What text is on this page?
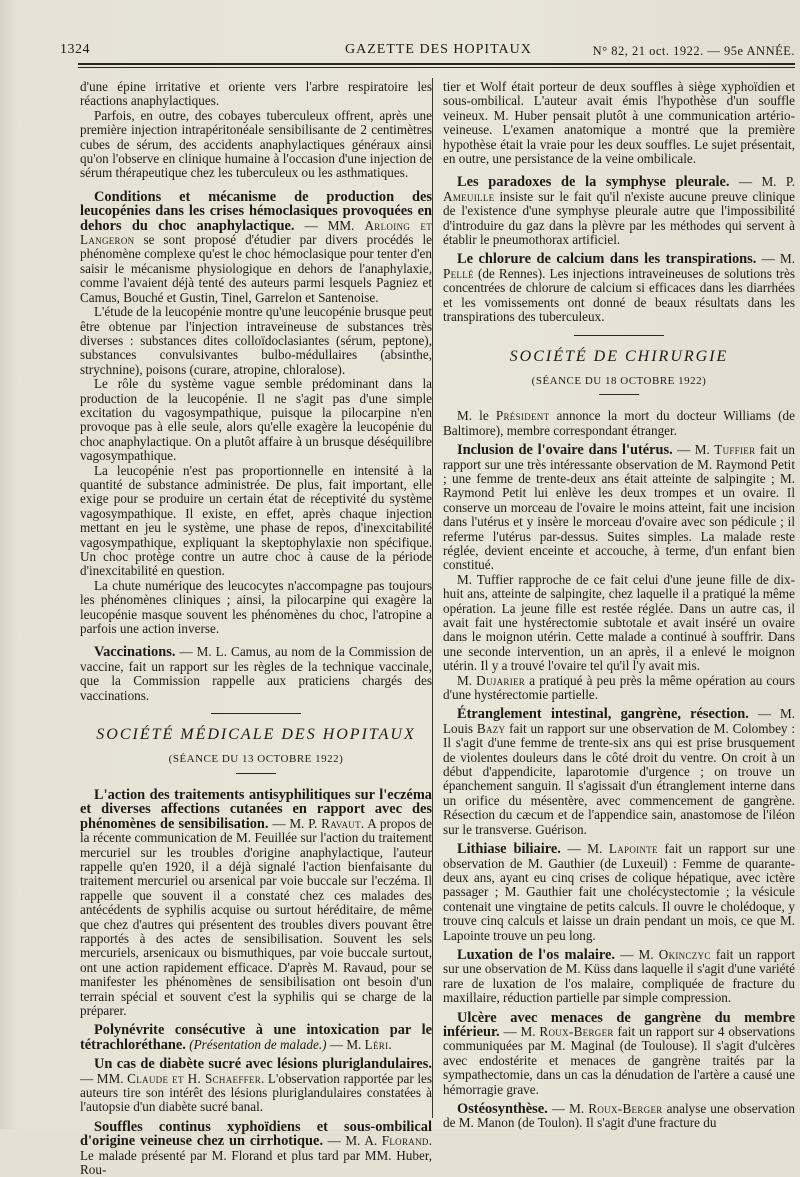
1324	GAZETTE DES HOPITAUX	N° 82, 21 oct. 1922. — 95e ANNÉE.

d'une épine irritative et oriente vers l'arbre respiratoire les réactions anaphylactiques.

Parfois, en outre, des cobayes tuberculeux offrent, après une première injection intrapéritonéale sensibilisante de 2 centimètres cubes de sérum, des accidents anaphylactiques généraux ainsi qu'on l'observe en clinique humaine à l'occasion d'une injection de sérum thérapeutique chez les tuberculeux ou les asthmatiques.

Conditions et mécanisme de production des leucopénies dans les crises hémoclasiques provoquées en dehors du choc anaphylactique. — MM. Arloing et Langeron se sont proposé d'étudier par divers procédés le phénomène complexe qu'est le choc hémoclasique pour tenter d'en saisir le mécanisme physiologique en dehors de l'anaphylaxie, comme l'avaient déjà tenté des auteurs parmi lesquels Pagniez et Camus, Bouché et Gustin, Tinel, Garrelon et Santenoise.

L'étude de la leucopénie montre qu'une leucopénie brusque peut être obtenue par l'injection intraveineuse de substances très diverses : substances dites colloïdoclasiantes (sérum, peptone), substances convulsivantes bulbo-médullaires (absinthe, strychnine), poisons (curare, atropine, chloralose).

Le rôle du système vague semble prédominant dans la production de la leucopénie. Il ne s'agit pas d'une simple excitation du vagosympathique, puisque la pilocarpine n'en provoque pas à elle seule, alors qu'elle exagère la leucopénie du choc anaphylactique. On a plutôt affaire à un brusque déséquilibre vagosympathique.

La leucopénie n'est pas proportionnelle en intensité à la quantité de substance administrée. De plus, fait important, elle exige pour se produire un certain état de réceptivité du système vagosympathique. Il existe, en effet, après chaque injection mettant en jeu le système, une phase de repos, d'inexcitabilité vagosympathique, expliquant la skeptophylaxie non spécifique. Un choc protège contre un autre choc à cause de la période d'inexcitabilité en question.

La chute numérique des leucocytes n'accompagne pas toujours les phénomènes cliniques ; ainsi, la pilocarpine qui exagère la leucopénie masque souvent les phénomènes du choc, l'atropine a parfois une action inverse.

Vaccinations. — M. L. Camus, au nom de la Commission de vaccine, fait un rapport sur les règles de la technique vaccinale, que la Commission rappelle aux praticiens chargés des vaccinations.

SOCIÉTÉ MÉDICALE DES HOPITAUX

(SÉANCE DU 13 OCTOBRE 1922)

L'action des traitements antisyphilitiques sur l'eczéma et diverses affections cutanées en rapport avec des phénomènes de sensibilisation. — M. P. Ravaut. A propos de la récente communication de M. Feuillée sur l'action du traitement mercuriel sur les troubles d'origine anaphylactique, l'auteur rappelle qu'en 1920, il a déjà signalé l'action bienfaisante du traitement mercuriel ou arsenical par voie buccale sur l'eczéma. Il rappelle que souvent il a constaté chez ces malades des antécédents de syphilis acquise ou surtout héréditaire, de même que chez d'autres qui présentent des troubles divers pouvant être rapportés à des actes de sensibilisation. Souvent les sels mercuriels, arsenicaux ou bismuthiques, par voie buccale surtout, ont une action rapidement efficace. D'après M. Ravaud, pour se manifester les phénomènes de sensibilisation ont besoin d'un terrain spécial et souvent c'est la syphilis qui se charge de la préparer.

Polynévrite consécutive à une intoxication par le tétrachloréthane. (Présentation de malade.) — M. Léri.

Un cas de diabète sucré avec lésions pluriglandulaires. — MM. Claude et H. Schaeffer. L'observation rapportée par les auteurs tire son intérêt des lésions pluriglandulaires constatées à l'autopsie d'un diabète sucré banal.

Souffles continus xyphoïdiens et sous-ombilical d'origine veineuse chez un cirrhotique. — M. A. Florand. Le malade présenté par M. Florand et plus tard par MM. Huber, Rou-

tier et Wolf était porteur de deux souffles à siège xyphoïdien et sous-ombilical. L'auteur avait émis l'hypothèse d'un souffle veineux. M. Huber pensait plutôt à une communication artério-veineuse. L'examen anatomique a montré que la première hypothèse était la vraie pour les deux souffles. Le sujet présentait, en outre, une persistance de la veine ombilicale.

Les paradoxes de la symphyse pleurale. — M. P. Ameuille insiste sur le fait qu'il n'existe aucune preuve clinique de l'existence d'une symphyse pleurale autre que l'impossibilité d'introduire du gaz dans la plèvre par les méthodes qui servent à établir le pneumothorax artificiel.

Le chlorure de calcium dans les transpirations. — M. Pellé (de Rennes). Les injections intraveineuses de solutions très concentrées de chlorure de calcium si efficaces dans les diarrhées et les vomissements ont donné de beaux résultats dans les transpirations des tuberculeux.

SOCIÉTÉ DE CHIRURGIE

(SÉANCE DU 18 OCTOBRE 1922)

M. le Président annonce la mort du docteur Williams (de Baltimore), membre correspondant étranger.

Inclusion de l'ovaire dans l'utérus. — M. Tuffier fait un rapport sur une très intéressante observation de M. Raymond Petit ; une femme de trente-deux ans était atteinte de salpingite ; M. Raymond Petit lui enlève les deux trompes et un ovaire. Il conserve un morceau de l'ovaire le moins atteint, fait une incision dans l'utérus et y insère le morceau d'ovaire avec son pédicule ; il referme l'utérus par-dessus. Suites simples. La malade reste réglée, devient enceinte et accouche, à terme, d'un enfant bien constitué.

M. Tuffier rapproche de ce fait celui d'une jeune fille de dix-huit ans, atteinte de salpingite, chez laquelle il a pratiqué la même opération. La jeune fille est restée réglée. Dans un autre cas, il avait fait une hystérectomie subtotale et avait inséré un ovaire dans le moignon utérin. Cette malade a continué à souffrir. Dans une seconde intervention, un an après, il a enlevé le moignon utérin. Il y a trouvé l'ovaire tel qu'il l'y avait mis.

M. Dujarier a pratiqué à peu près la même opération au cours d'une hystérectomie partielle.

Étranglement intestinal, gangrène, résection. — M. Louis Bazy fait un rapport sur une observation de M. Colombey : Il s'agit d'une femme de trente-six ans qui est prise brusquement de violentes douleurs dans le côté droit du ventre. On croit à un début d'appendicite, laparotomie d'urgence ; on trouve un épanchement sanguin. Il s'agissait d'un étranglement interne dans un orifice du mésentère, avec commencement de gangrène. Résection du cæcum et de l'appendice sain, anastomose de l'iléon sur le transverse. Guérison.

Lithiase biliaire. — M. Lapointe fait un rapport sur une observation de M. Gauthier (de Luxeuil) : Femme de quarante-deux ans, ayant eu cinq crises de colique hépatique, avec ictère passager ; M. Gauthier fait une cholécystectomie ; la vésicule contenait une vingtaine de petits calculs. Il ouvre le cholédoque, y trouve cinq calculs et laisse un drain pendant un mois, ce que M. Lapointe trouve un peu long.

Luxation de l'os malaire. — M. Okinczyc fait un rapport sur une observation de M. Küss dans laquelle il s'agit d'une variété rare de luxation de l'os malaire, compliquée de fracture du maxillaire, réduction partielle par simple compression.

Ulcère avec menaces de gangrène du membre inférieur. — M. Roux-Berger fait un rapport sur 4 observations communiquées par M. Maginal (de Toulouse). Il s'agit d'ulcères avec endostérite et menaces de gangrène traités par la sympathectomie, dans un cas la dénudation de l'artère a causé une hémorragie grave.

Ostéosynthèse. — M. Roux-Berger analyse une observation de M. Manon (de Toulon). Il s'agit d'une fracture du
